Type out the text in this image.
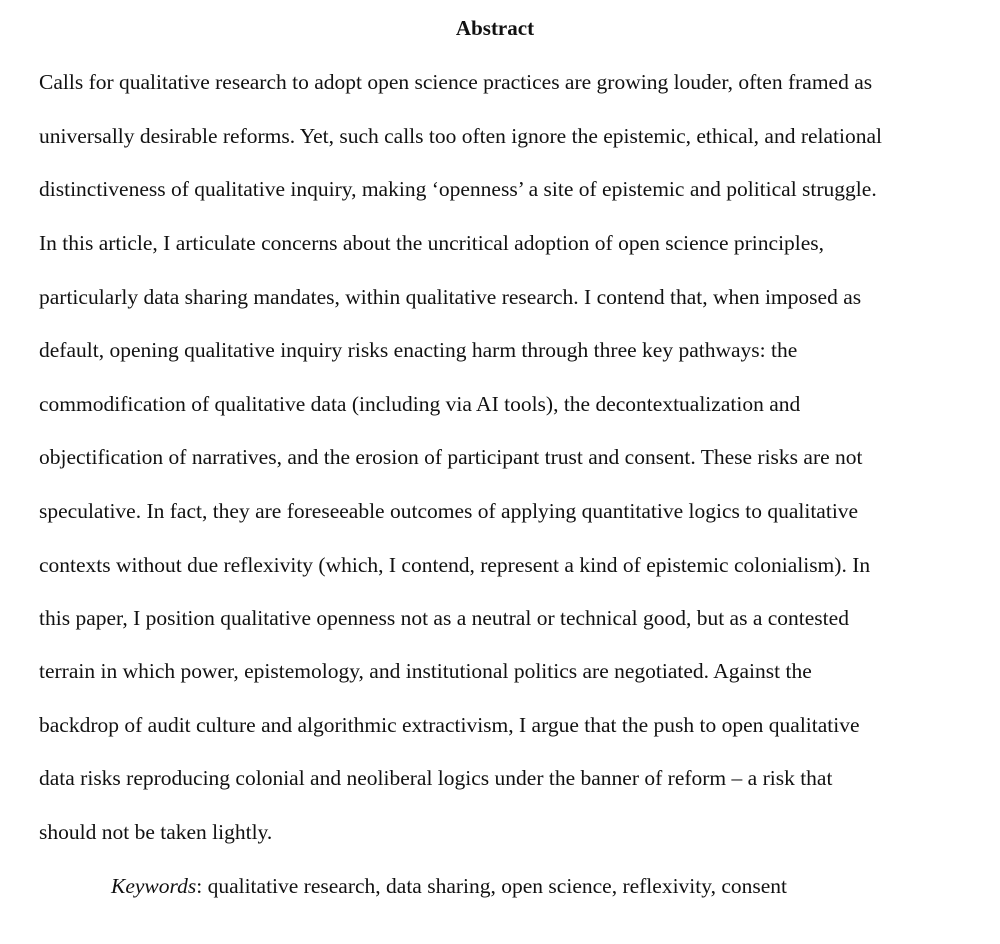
Abstract
Calls for qualitative research to adopt open science practices are growing louder, often framed as
universally desirable reforms. Yet, such calls too often ignore the epistemic, ethical, and relational
distinctiveness of qualitative inquiry, making ‘openness’ a site of epistemic and political struggle.
In this article, I articulate concerns about the uncritical adoption of open science principles,
particularly data sharing mandates, within qualitative research. I contend that, when imposed as
default, opening qualitative inquiry risks enacting harm through three key pathways: the
commodification of qualitative data (including via AI tools), the decontextualization and
objectification of narratives, and the erosion of participant trust and consent. These risks are not
speculative. In fact, they are foreseeable outcomes of applying quantitative logics to qualitative
contexts without due reflexivity (which, I contend, represent a kind of epistemic colonialism). In
this paper, I position qualitative openness not as a neutral or technical good, but as a contested
terrain in which power, epistemology, and institutional politics are negotiated. Against the
backdrop of audit culture and algorithmic extractivism, I argue that the push to open qualitative
data risks reproducing colonial and neoliberal logics under the banner of reform – a risk that
should not be taken lightly.
Keywords: qualitative research, data sharing, open science, reflexivity, consent
